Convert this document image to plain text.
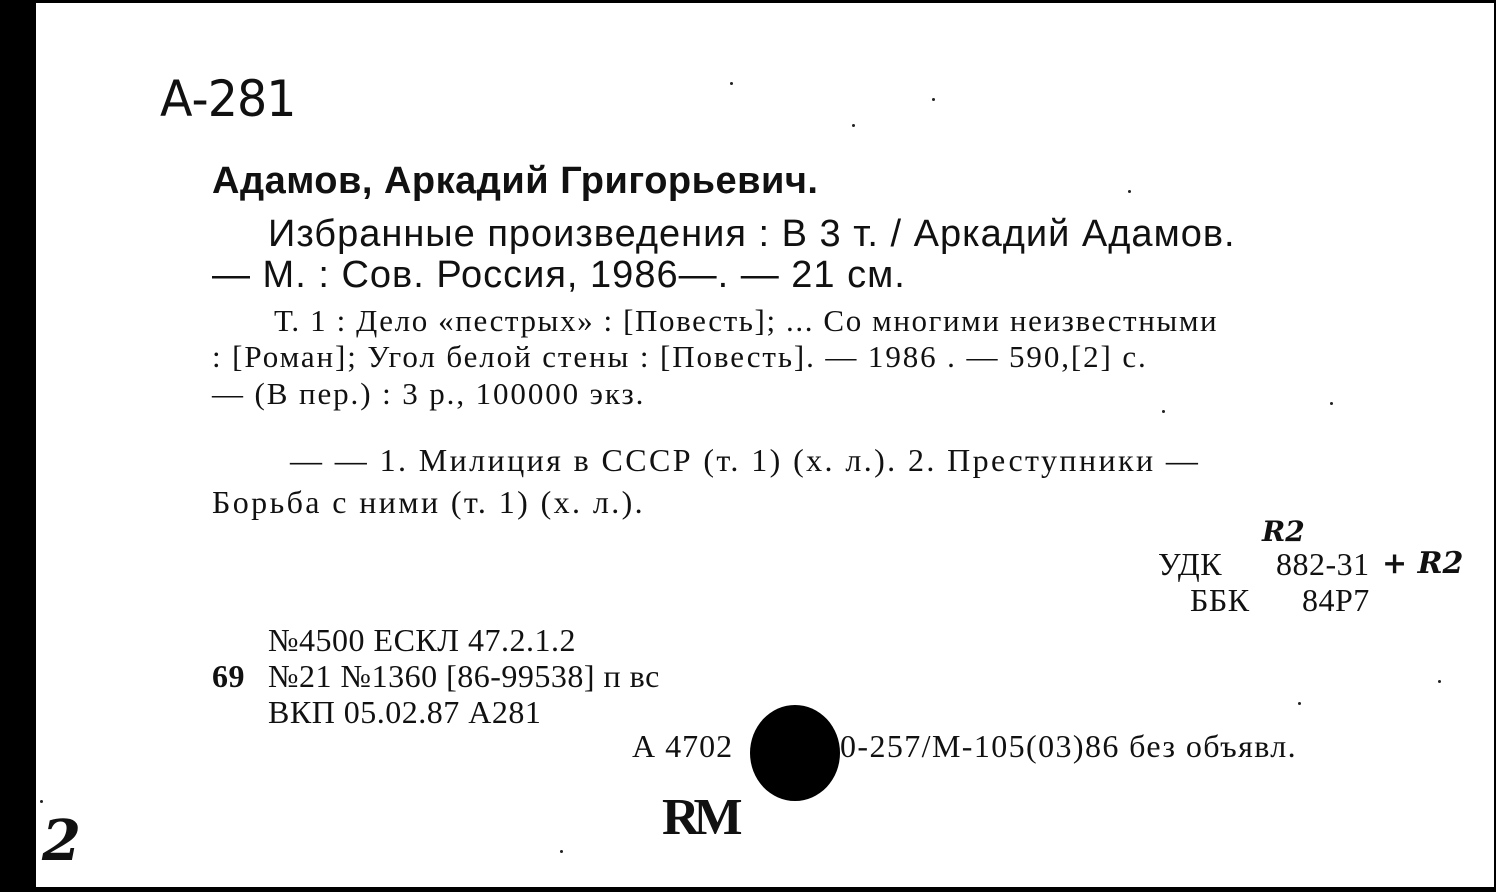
А-281
Адамов, Аркадий Григорьевич.
Избранные произведения : В 3 т. / Аркадий Адамов.
— М. : Сов. Россия, 1986—. — 21 см.
Т. 1 : Дело «пестрых» : [Повесть]; ... Со многими неизвестными
: [Роман]; Угол белой стены : [Повесть]. — 1986 . — 590,[2] с.
— (В пер.) : 3 р., 100000 экз.
— — 1. Милиция в СССР (т. 1) (х. л.). 2. Преступники —
Борьба с ними (т. 1) (х. л.).
R2
УДК 882-31 + R2
ББК 84Р7
№4500 ЕСКЛ 47.2.1.2
69 №21 №1360 [86-99538] п вс
ВКП 05.02.87 А281
А 4702	0-257/М-105(03)86 без объявл.
RM
2
